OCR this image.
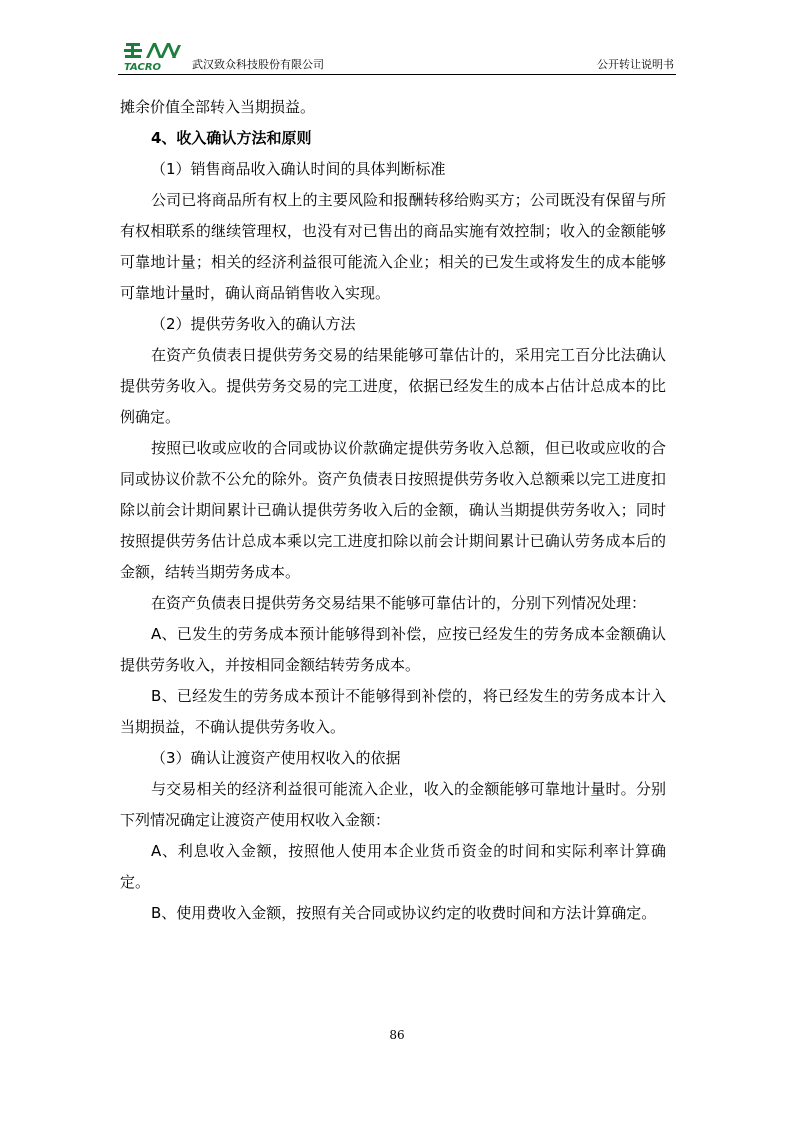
TACRO	武汉致众科技股份有限公司	公开转让说明书

摊余价值全部转入当期损益。

4、收入确认方法和原则

（1）销售商品收入确认时间的具体判断标准

公司已将商品所有权上的主要风险和报酬转移给购买方；公司既没有保留与所有权相联系的继续管理权，也没有对已售出的商品实施有效控制；收入的金额能够可靠地计量；相关的经济利益很可能流入企业；相关的已发生或将发生的成本能够可靠地计量时，确认商品销售收入实现。

（2）提供劳务收入的确认方法

在资产负债表日提供劳务交易的结果能够可靠估计的，采用完工百分比法确认提供劳务收入。提供劳务交易的完工进度，依据已经发生的成本占估计总成本的比例确定。

按照已收或应收的合同或协议价款确定提供劳务收入总额，但已收或应收的合同或协议价款不公允的除外。资产负债表日按照提供劳务收入总额乘以完工进度扣除以前会计期间累计已确认提供劳务收入后的金额，确认当期提供劳务收入；同时按照提供劳务估计总成本乘以完工进度扣除以前会计期间累计已确认劳务成本后的金额，结转当期劳务成本。

在资产负债表日提供劳务交易结果不能够可靠估计的，分别下列情况处理：

A、已发生的劳务成本预计能够得到补偿，应按已经发生的劳务成本金额确认提供劳务收入，并按相同金额结转劳务成本。

B、已经发生的劳务成本预计不能够得到补偿的，将已经发生的劳务成本计入当期损益，不确认提供劳务收入。

（3）确认让渡资产使用权收入的依据

与交易相关的经济利益很可能流入企业，收入的金额能够可靠地计量时。分别下列情况确定让渡资产使用权收入金额：

A、利息收入金额，按照他人使用本企业货币资金的时间和实际利率计算确定。

B、使用费收入金额，按照有关合同或协议约定的收费时间和方法计算确定。

86
